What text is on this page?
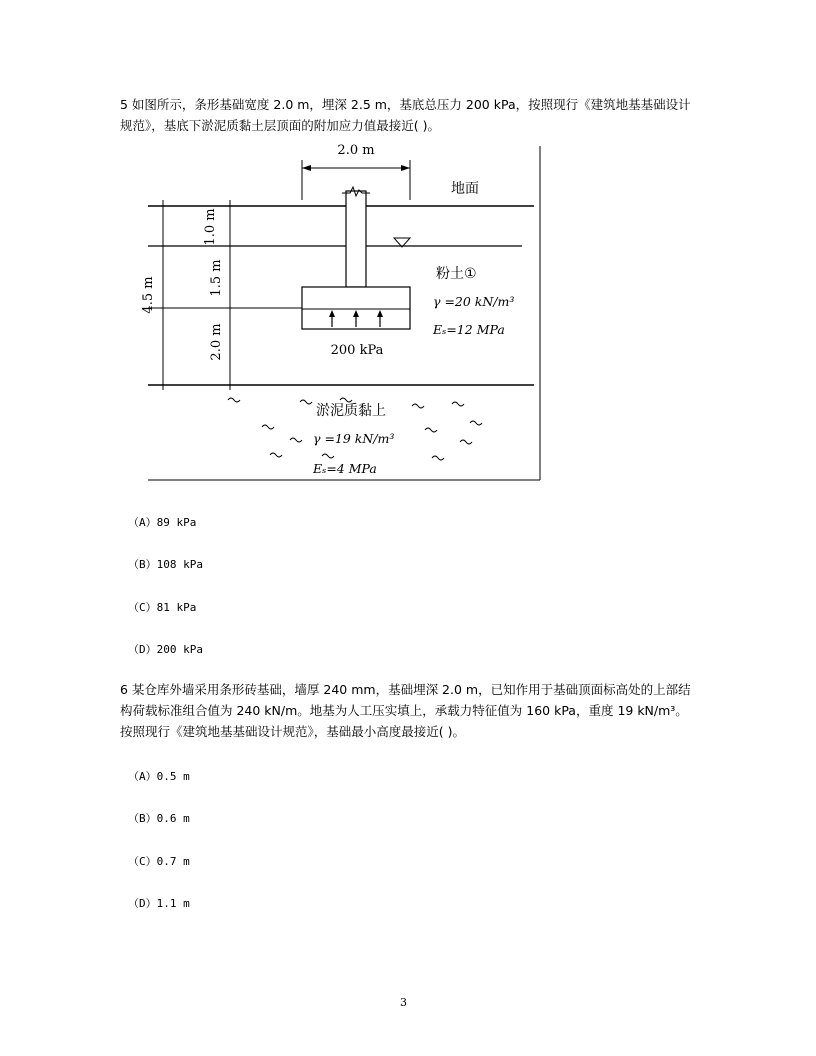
5 如图所示，条形基础宽度 2.0 m，埋深 2.5 m，基底总压力 200 kPa，按照现行《建筑地基基础设计规范》，基底下淤泥质黏土层顶面的附加应力值最接近( )。

2.0 m
地面
4.5 m
1.0 m
1.5 m
2.0 m	200 kPa
粉土①
γ =20 kN/m³
Eₛ=12 MPa
淤泥质黏上
γ =19 kN/m³
Eₛ=4 MPa

（A）89 kPa

（B）108 kPa

（C）81 kPa

（D）200 kPa

6 某仓库外墙采用条形砖基础，墙厚 240 mm，基础埋深 2.0 m，已知作用于基础顶面标高处的上部结构荷载标准组合值为 240 kN/m。地基为人工压实填上，承载力特征值为 160 kPa，重度 19 kN/m³。按照现行《建筑地基基础设计规范》，基础最小高度最接近( )。

（A）0.5 m

（B）0.6 m

（C）0.7 m

（D）1.1 m

3
